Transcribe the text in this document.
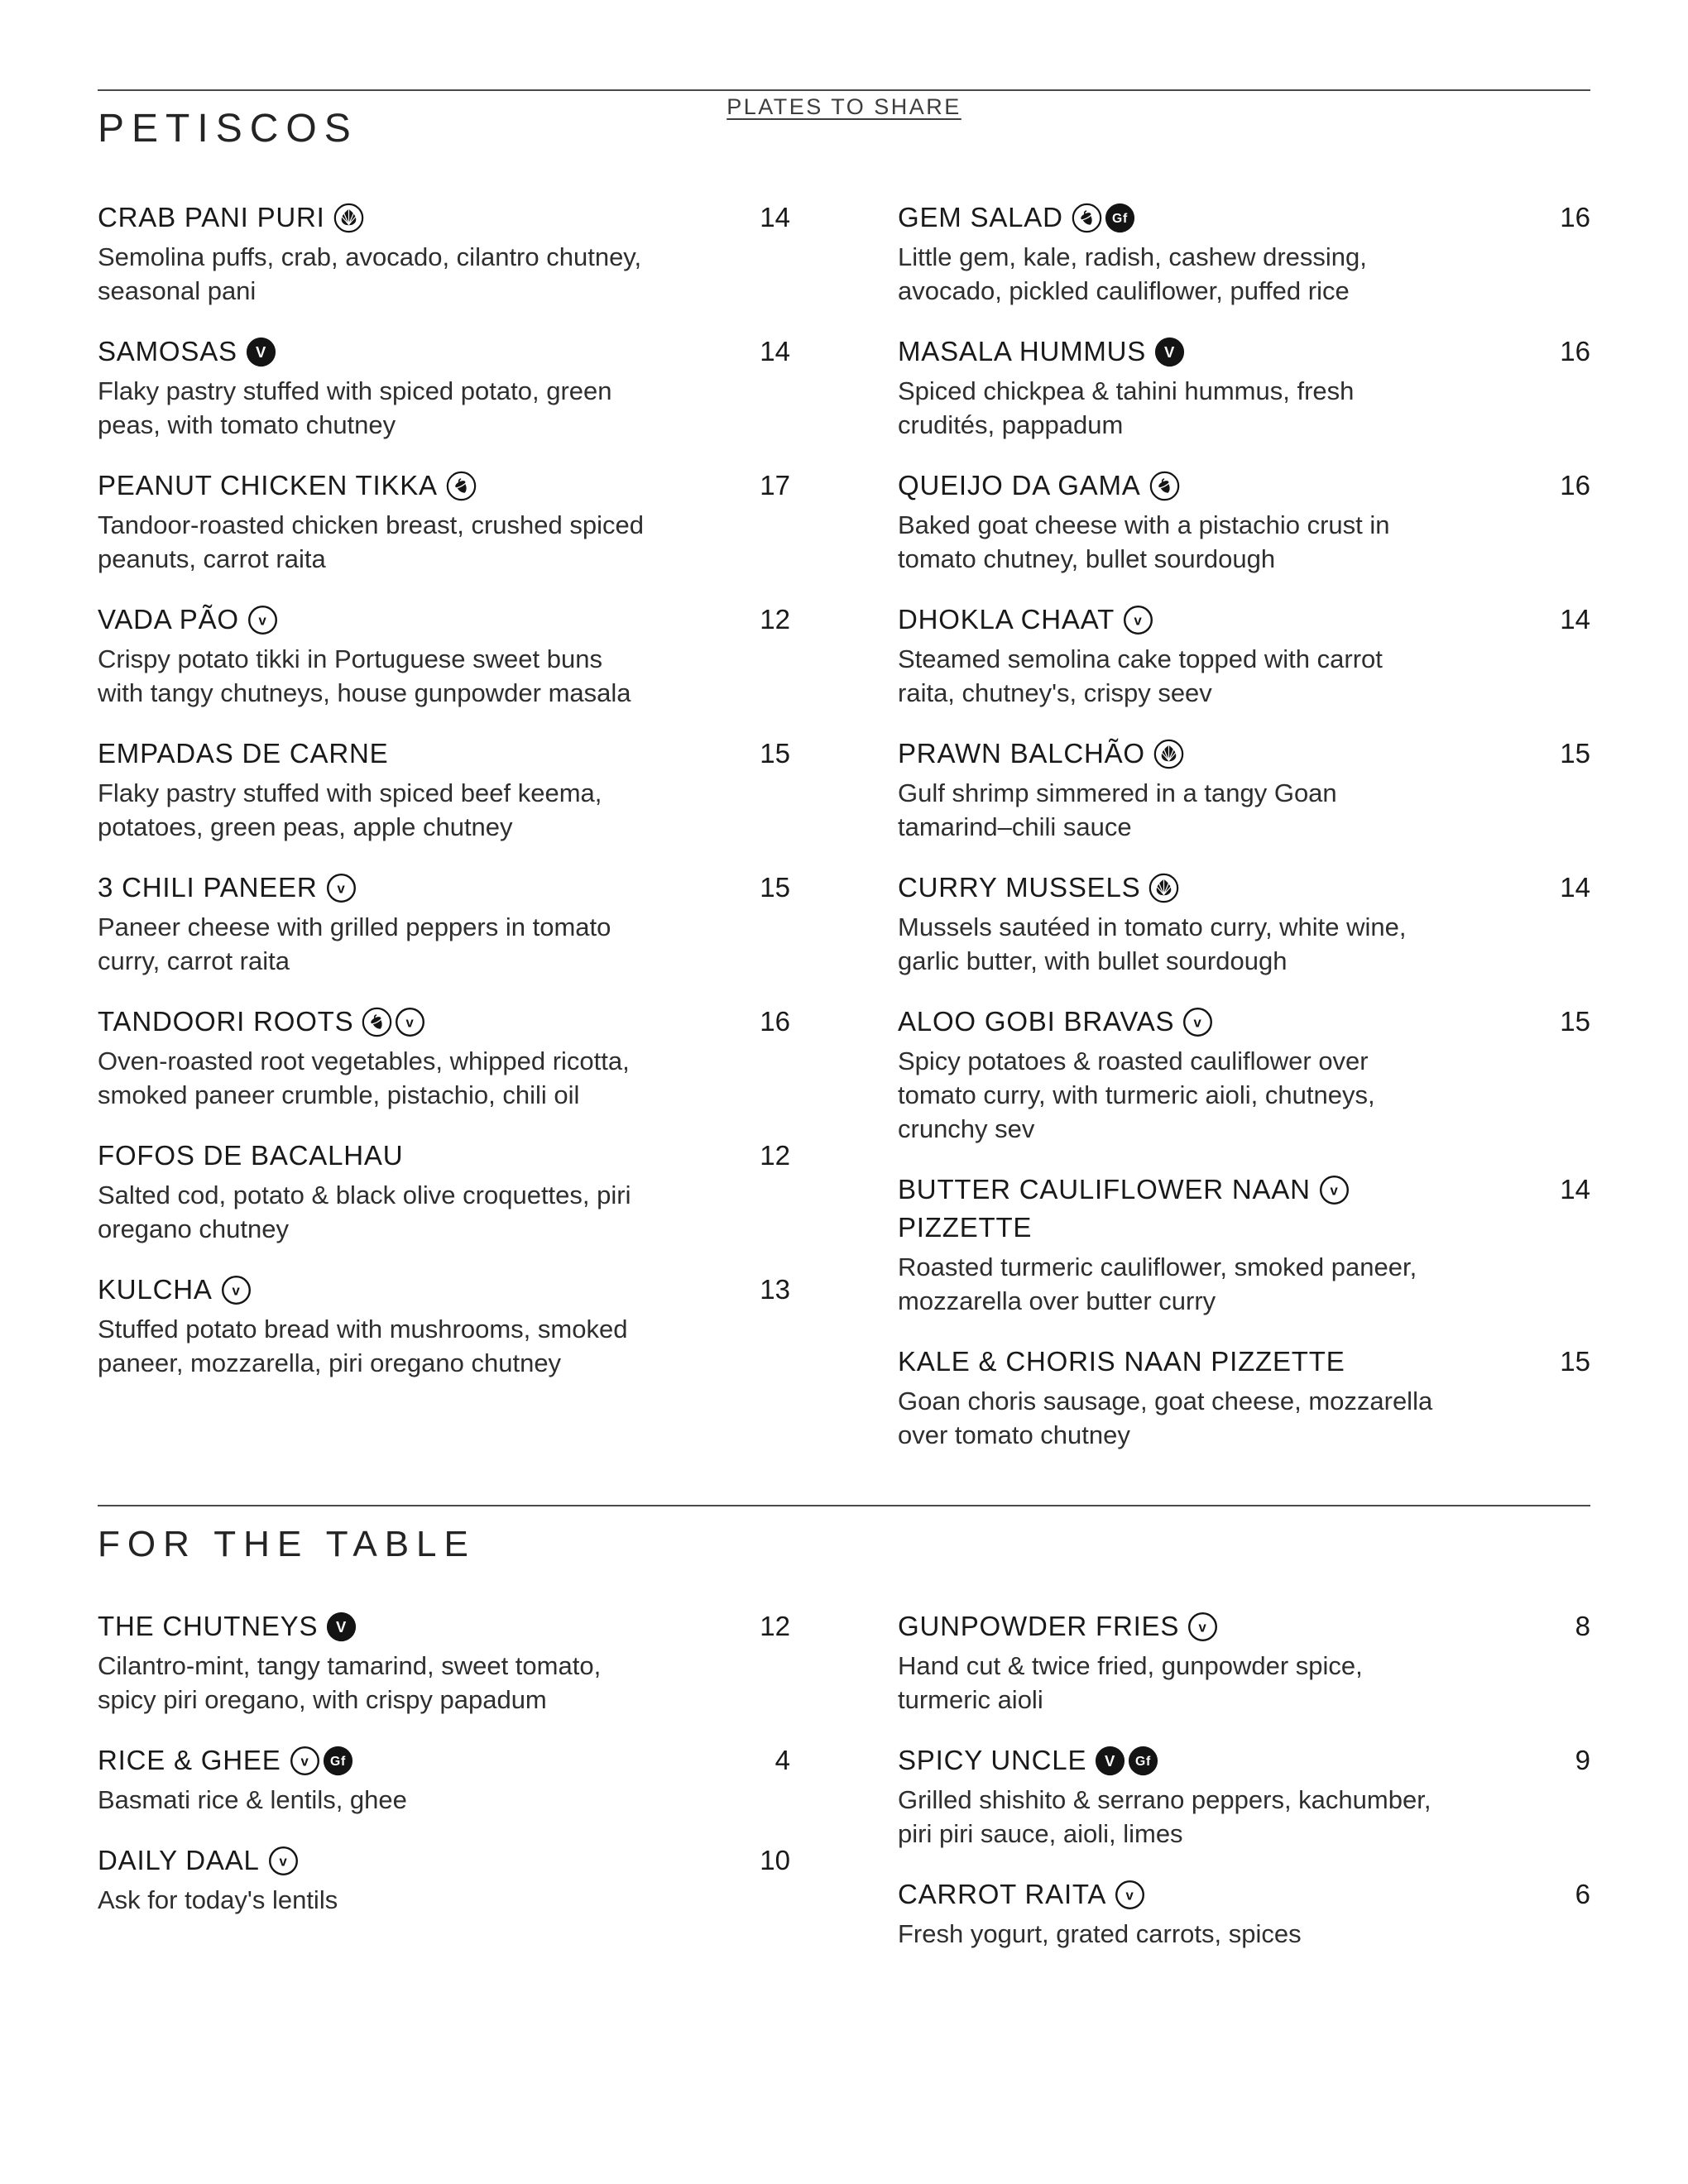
PLATES TO SHARE
PETISCOS
CRAB PANI PURI	14

Semolina puffs, crab, avocado, cilantro chutney, seasonal pani

SAMOSAS V	14

Flaky pastry stuffed with spiced potato, green peas, with tomato chutney

PEANUT CHICKEN TIKKA	17

Tandoor-roasted chicken breast, crushed spiced peanuts, carrot raita

VADA PÃO v	12

Crispy potato tikki in Portuguese sweet buns with tangy chutneys, house gunpowder masala

EMPADAS DE CARNE	15

Flaky pastry stuffed with spiced beef keema, potatoes, green peas, apple chutney

3 CHILI PANEER v	15

Paneer cheese with grilled peppers in tomato curry, carrot raita

TANDOORI ROOTS	v	16

Oven-roasted root vegetables, whipped ricotta, smoked paneer crumble, pistachio, chili oil

FOFOS DE BACALHAU	12

Salted cod, potato & black olive croquettes, piri oregano chutney

KULCHA v	13

Stuffed potato bread with mushrooms, smoked paneer, mozzarella, piri oregano chutney

GEM SALAD	Gf	16

Little gem, kale, radish, cashew dressing, avocado, pickled cauliflower, puffed rice

MASALA HUMMUS V	16

Spiced chickpea & tahini hummus, fresh crudités, pappadum

QUEIJO DA GAMA	16

Baked goat cheese with a pistachio crust in tomato chutney, bullet sourdough

DHOKLA CHAAT v	14

Steamed semolina cake topped with carrot raita, chutney's, crispy seev

PRAWN BALCHÃO	15

Gulf shrimp simmered in a tangy Goan tamarind–chili sauce

CURRY MUSSELS	14

Mussels sautéed in tomato curry, white wine, garlic butter, with bullet sourdough

ALOO GOBI BRAVAS v	15

Spicy potatoes & roasted cauliflower over tomato curry, with turmeric aioli, chutneys, crunchy sev

BUTTER CAULIFLOWER NAAN v	14
PIZZETTE

Roasted turmeric cauliflower, smoked paneer, mozzarella over butter curry

KALE & CHORIS NAAN PIZZETTE	15

Goan choris sausage, goat cheese, mozzarella over tomato chutney

FOR THE TABLE
THE CHUTNEYS V	12

Cilantro-mint, tangy tamarind, sweet tomato, spicy piri oregano, with crispy papadum

RICE & GHEE v Gf	4

Basmati rice & lentils, ghee

DAILY DAAL v	10

Ask for today's lentils

GUNPOWDER FRIES v	8

Hand cut & twice fried, gunpowder spice, turmeric aioli

SPICY UNCLE V Gf	9

Grilled shishito & serrano peppers, kachumber, piri piri sauce, aioli, limes

CARROT RAITA v	6

Fresh yogurt, grated carrots, spices
